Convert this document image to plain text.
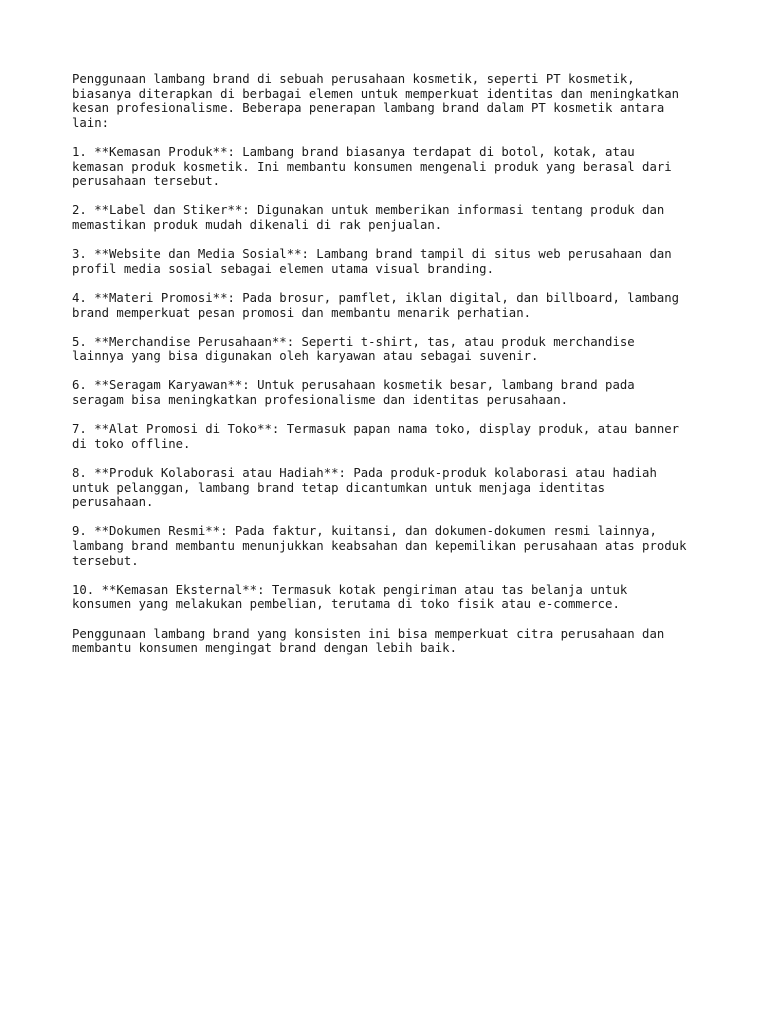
Penggunaan lambang brand di sebuah perusahaan kosmetik, seperti PT kosmetik,
biasanya diterapkan di berbagai elemen untuk memperkuat identitas dan meningkatkan
kesan profesionalisme. Beberapa penerapan lambang brand dalam PT kosmetik antara
lain:

1. **Kemasan Produk**: Lambang brand biasanya terdapat di botol, kotak, atau
kemasan produk kosmetik. Ini membantu konsumen mengenali produk yang berasal dari
perusahaan tersebut.

2. **Label dan Stiker**: Digunakan untuk memberikan informasi tentang produk dan
memastikan produk mudah dikenali di rak penjualan.

3. **Website dan Media Sosial**: Lambang brand tampil di situs web perusahaan dan
profil media sosial sebagai elemen utama visual branding.

4. **Materi Promosi**: Pada brosur, pamflet, iklan digital, dan billboard, lambang
brand memperkuat pesan promosi dan membantu menarik perhatian.

5. **Merchandise Perusahaan**: Seperti t-shirt, tas, atau produk merchandise
lainnya yang bisa digunakan oleh karyawan atau sebagai suvenir.

6. **Seragam Karyawan**: Untuk perusahaan kosmetik besar, lambang brand pada
seragam bisa meningkatkan profesionalisme dan identitas perusahaan.

7. **Alat Promosi di Toko**: Termasuk papan nama toko, display produk, atau banner
di toko offline.

8. **Produk Kolaborasi atau Hadiah**: Pada produk-produk kolaborasi atau hadiah
untuk pelanggan, lambang brand tetap dicantumkan untuk menjaga identitas
perusahaan.

9. **Dokumen Resmi**: Pada faktur, kuitansi, dan dokumen-dokumen resmi lainnya,
lambang brand membantu menunjukkan keabsahan dan kepemilikan perusahaan atas produk
tersebut.

10. **Kemasan Eksternal**: Termasuk kotak pengiriman atau tas belanja untuk
konsumen yang melakukan pembelian, terutama di toko fisik atau e-commerce.

Penggunaan lambang brand yang konsisten ini bisa memperkuat citra perusahaan dan
membantu konsumen mengingat brand dengan lebih baik.
